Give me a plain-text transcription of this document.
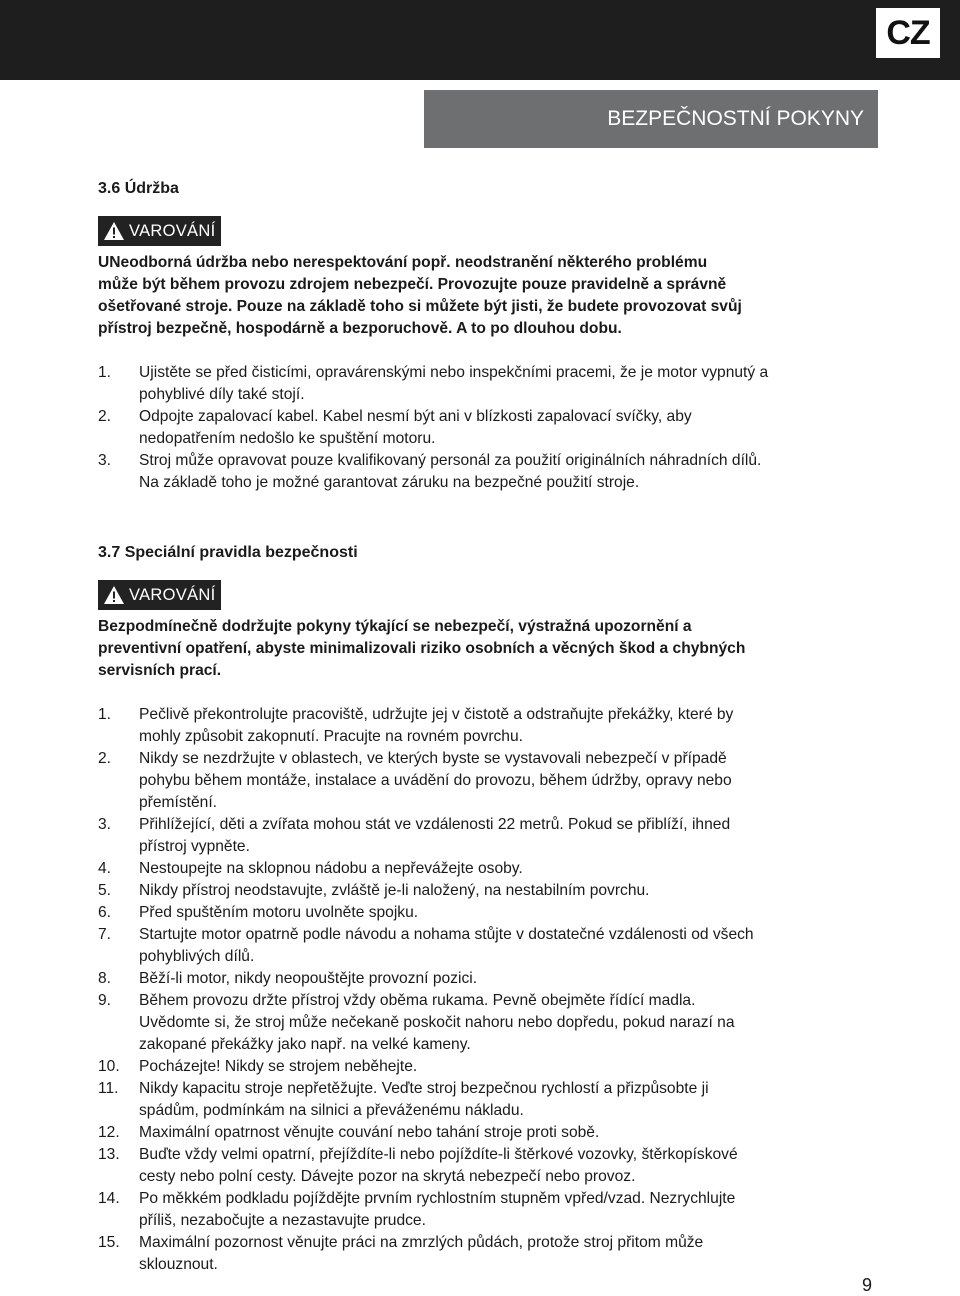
CZ
BEZPEČNOSTNÍ POKYNY
3.6 Údržba
VAROVÁNÍ
UNeodborná údržba nebo nerespektování popř. neodstranění některého problému
může být během provozu zdrojem nebezpečí. Provozujte pouze pravidelně a správně
ošetřované stroje. Pouze na základě toho si můžete být jisti, že budete provozovat svůj
přístroj bezpečně, hospodárně a bezporuchově. A to po dlouhou dobu.
1.	Ujistěte se před čisticími, opravárenskými nebo inspekčními pracemi, že je motor vypnutý a
pohyblivé díly také stojí.
2.	Odpojte zapalovací kabel. Kabel nesmí být ani v blízkosti zapalovací svíčky, aby
nedopatřením nedošlo ke spuštění motoru.
3.	Stroj může opravovat pouze kvalifikovaný personál za použití originálních náhradních dílů.
Na základě toho je možné garantovat záruku na bezpečné použití stroje.
3.7 Speciální pravidla bezpečnosti
VAROVÁNÍ
Bezpodmínečně dodržujte pokyny týkající se nebezpečí, výstražná upozornění a
preventivní opatření, abyste minimalizovali riziko osobních a věcných škod a chybných
servisních prací.
1.	Pečlivě překontrolujte pracoviště, udržujte jej v čistotě a odstraňujte překážky, které by
mohly způsobit zakopnutí. Pracujte na rovném povrchu.
2.	Nikdy se nezdržujte v oblastech, ve kterých byste se vystavovali nebezpečí v případě
pohybu během montáže, instalace a uvádění do provozu, během údržby, opravy nebo
přemístění.
3.	Přihlížející, děti a zvířata mohou stát ve vzdálenosti 22 metrů. Pokud se přiblíží, ihned
přístroj vypněte.
4.	Nestoupejte na sklopnou nádobu a nepřevážejte osoby.
5.	Nikdy přístroj neodstavujte, zvláště je-li naložený, na nestabilním povrchu.
6.	Před spuštěním motoru uvolněte spojku.
7.	Startujte motor opatrně podle návodu a nohama stůjte v dostatečné vzdálenosti od všech
pohyblivých dílů.
8.	Běží-li motor, nikdy neopouštějte provozní pozici.
9.	Během provozu držte přístroj vždy oběma rukama. Pevně obejměte řídící madla.
Uvědomte si, že stroj může nečekaně poskočit nahoru nebo dopředu, pokud narazí na
zakopané překážky jako např. na velké kameny.
10.	Pocházejte! Nikdy se strojem neběhejte.
11.	Nikdy kapacitu stroje nepřetěžujte. Veďte stroj bezpečnou rychlostí a přizpůsobte ji
spádům, podmínkám na silnici a převáženému nákladu.
12.	Maximální opatrnost věnujte couvání nebo tahání stroje proti sobě.
13.	Buďte vždy velmi opatrní, přejíždíte-li nebo pojíždíte-li štěrkové vozovky, štěrkopískové
cesty nebo polní cesty. Dávejte pozor na skrytá nebezpečí nebo provoz.
14.	Po měkkém podkladu pojíždějte prvním rychlostním stupněm vpřed/vzad. Nezrychlujte
příliš, nezabočujte a nezastavujte prudce.
15.	Maximální pozornost věnujte práci na zmrzlých půdách, protože stroj přitom může
sklouznout.
9
